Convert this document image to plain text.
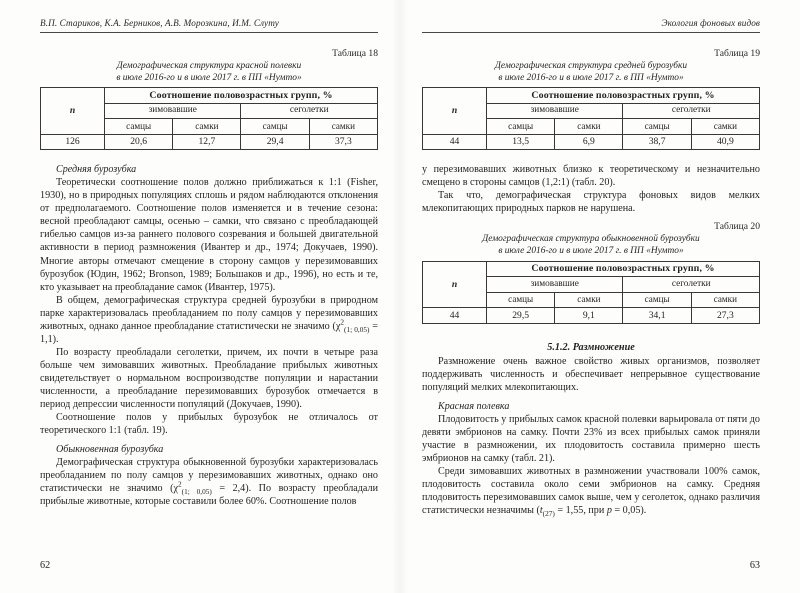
В.П. Стариков, К.А. Берников, А.В. Морозкина, И.М. Слуту
Таблица 18
Демографическая структура красной полевки
в июле 2016-го и в июле 2017 г. в ПП «Нумто»
n	Соотношение половозрастных групп, %			
	зимовавшие		сеголетки	
	самцы	самки	самцы	самки
126	20,6	12,7	29,4	37,3
Средняя бурозубка

Теоретически соотношение полов должно приближаться к 1:1 (Fisher, 1930), но в природных популяциях сплошь и рядом наблюдаются отклонения от предполагаемого. Соотношение полов изменяется и в течение сезона: весной преобладают самцы, осенью – самки, что связано с преобладающей гибелью самцов из-за раннего полового созревания и большей двигательной активности в период размножения (Ивантер и др., 1974; Докучаев, 1990). Многие авторы отмечают смещение в сторону самцов у перезимовавших бурозубок (Юдин, 1962; Bronson, 1989; Большаков и др., 1996), но есть и те, кто указывает на преобладание самок (Ивантер, 1975).

В общем, демографическая структура средней бурозубки в природном парке характеризовалась преобладанием по полу самцов у перезимовавших животных, однако данное преобладание статистически не значимо $(\chi^2_{(1; 0,05)} = 1,1)$.

По возрасту преобладали сеголетки, причем, их почти в четыре раза больше чем зимовавших животных. Преобладание прибылых животных свидетельствует о нормальном воспроизводстве популяции и нарастании численности, а преобладание перезимовавших бурозубок отмечается в период депрессии численности популяций (Докучаев, 1990).

Соотношение полов у прибылых бурозубок не отличалось от теоретического 1:1 (табл. 19).

Обыкновенная бурозубка

Демографическая структура обыкновенной бурозубки характеризовалась преобладанием по полу самцов у перезимовавших животных, однако оно статистически не значимо $(\chi^2_{(1; 0,05)} = 2,4)$. По возрасту преобладали прибылые животные, которые составили более 60%. Соотношение полов

62
Экология фоновых видов
Таблица 19
Демографическая структура средней бурозубки
в июле 2016-го и в июле 2017 г. в ПП «Нумто»
n	Соотношение половозрастных групп, %			
	зимовавшие		сеголетки	
	самцы	самки	самцы	самки
44	13,5	6,9	38,7	40,9

у перезимовавших животных близко к теоретическому и незначительно смещено в стороны самцов (1,2:1) (табл. 20).

Так что, демографическая структура фоновых видов мелких млекопитающих природных парков не нарушена.

Таблица 20
Демографическая структура обыкновенной бурозубки
в июле 2016-го и в июле 2017 г. в ПП «Нумто»
n	Соотношение половозрастных групп, %			
	зимовавшие		сеголетки	
	самцы	самки	самцы	самки
44	29,5	9,1	34,1	27,3
5.1.2. Размножение

Размножение очень важное свойство живых организмов, позволяет поддерживать численность и обеспечивает непрерывное существование популяций мелких млекопитающих.

Красная полевка

Плодовитость у прибылых самок красной полевки варьировала от пяти до девяти эмбрионов на самку. Почти 23% из всех прибылых самок приняли участие в размножении, их плодовитость составила примерно шесть эмбрионов на самку (табл. 21).

Среди зимовавших животных в размножении участвовали 100% самок, плодовитость составила около семи эмбрионов на самку. Средняя плодовитость перезимовавших самок выше, чем у сеголеток, однако различия статистически незначимы ($t_{(27)} = 1,55$, при p = 0,05).

63
